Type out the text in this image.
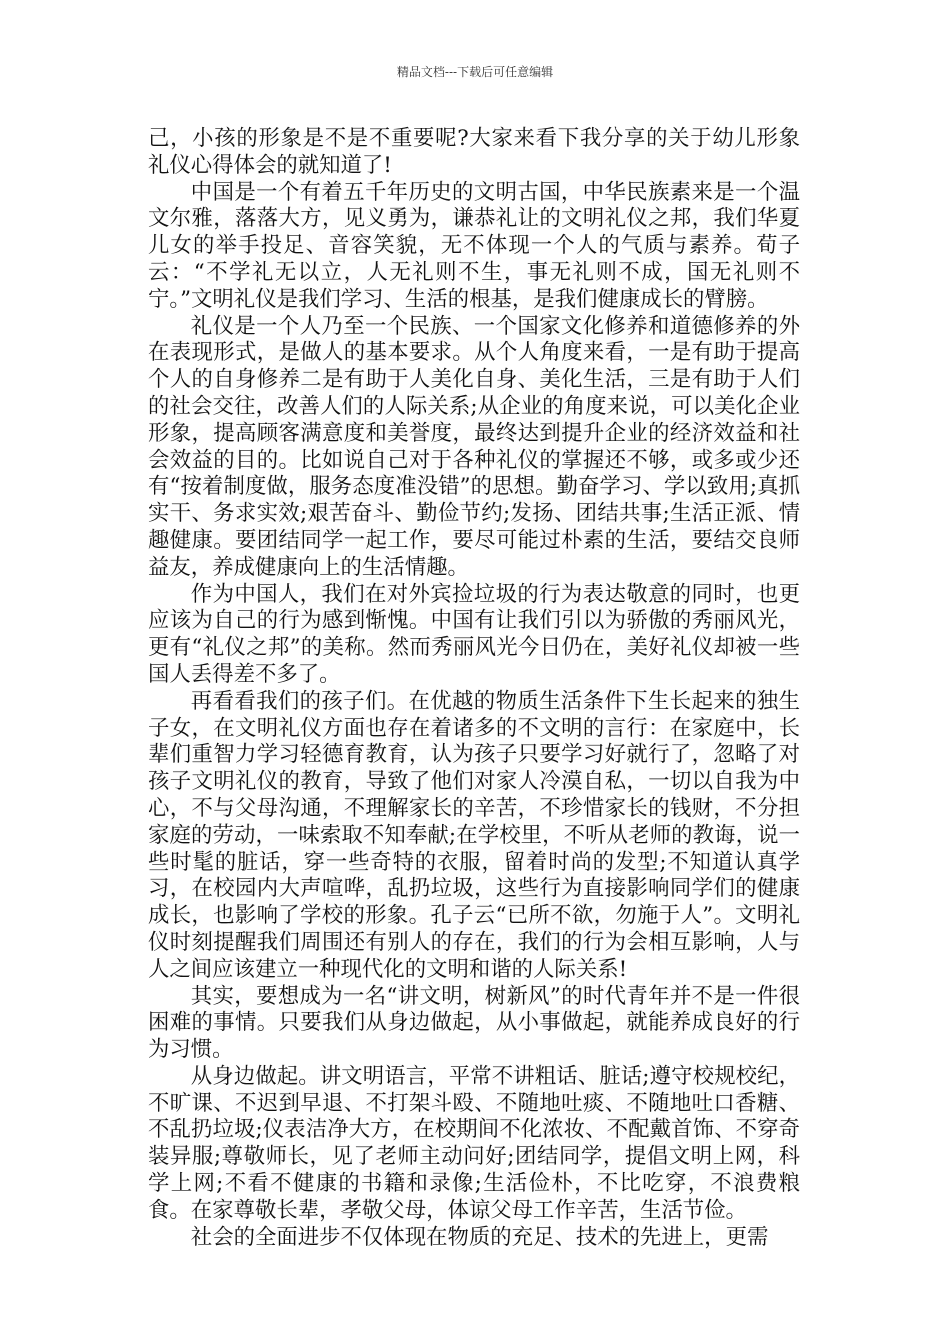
精品文档---下载后可任意编辑

己，小孩的形象是不是不重要呢?大家来看下我分享的关于幼儿形象礼仪心得体会的就知道了!

中国是一个有着五千年历史的文明古国，中华民族素来是一个温文尔雅，落落大方，见义勇为，谦恭礼让的文明礼仪之邦，我们华夏儿女的举手投足、音容笑貌，无不体现一个人的气质与素养。荀子云：“不学礼无以立，人无礼则不生，事无礼则不成，国无礼则不宁。”文明礼仪是我们学习、生活的根基，是我们健康成长的臂膀。

礼仪是一个人乃至一个民族、一个国家文化修养和道德修养的外在表现形式，是做人的基本要求。从个人角度来看，一是有助于提高个人的自身修养二是有助于人美化自身、美化生活，三是有助于人们的社会交往，改善人们的人际关系;从企业的角度来说，可以美化企业形象，提高顾客满意度和美誉度，最终达到提升企业的经济效益和社会效益的目的。比如说自己对于各种礼仪的掌握还不够，或多或少还有“按着制度做，服务态度准没错”的思想。勤奋学习、学以致用;真抓实干、务求实效;艰苦奋斗、勤俭节约;发扬、团结共事;生活正派、情趣健康。要团结同学一起工作，要尽可能过朴素的生活，要结交良师益友，养成健康向上的生活情趣。

作为中国人，我们在对外宾捡垃圾的行为表达敬意的同时，也更应该为自己的行为感到惭愧。中国有让我们引以为骄傲的秀丽风光，更有“礼仪之邦”的美称。然而秀丽风光今日仍在，美好礼仪却被一些国人丢得差不多了。

再看看我们的孩子们。在优越的物质生活条件下生长起来的独生子女，在文明礼仪方面也存在着诸多的不文明的言行：在家庭中，长辈们重智力学习轻德育教育，认为孩子只要学习好就行了，忽略了对孩子文明礼仪的教育，导致了他们对家人冷漠自私，一切以自我为中心，不与父母沟通，不理解家长的辛苦，不珍惜家长的钱财，不分担家庭的劳动，一味索取不知奉献;在学校里，不听从老师的教诲，说一些时髦的脏话，穿一些奇特的衣服，留着时尚的发型;不知道认真学习，在校园内大声喧哗，乱扔垃圾，这些行为直接影响同学们的健康成长，也影响了学校的形象。孔子云“已所不欲，勿施于人”。文明礼仪时刻提醒我们周围还有别人的存在，我们的行为会相互影响，人与人之间应该建立一种现代化的文明和谐的人际关系!

其实，要想成为一名“讲文明，树新风”的时代青年并不是一件很困难的事情。只要我们从身边做起，从小事做起，就能养成良好的行为习惯。

从身边做起。讲文明语言，平常不讲粗话、脏话;遵守校规校纪，不旷课、不迟到早退、不打架斗殴、不随地吐痰、不随地吐口香糖、不乱扔垃圾;仪表洁净大方，在校期间不化浓妆、不配戴首饰、不穿奇装异服;尊敬师长，见了老师主动问好;团结同学，提倡文明上网，科学上网;不看不健康的书籍和录像;生活俭朴，不比吃穿，不浪费粮食。在家尊敬长辈，孝敬父母，体谅父母工作辛苦，生活节俭。

社会的全面进步不仅体现在物质的充足、技术的先进上，更需
